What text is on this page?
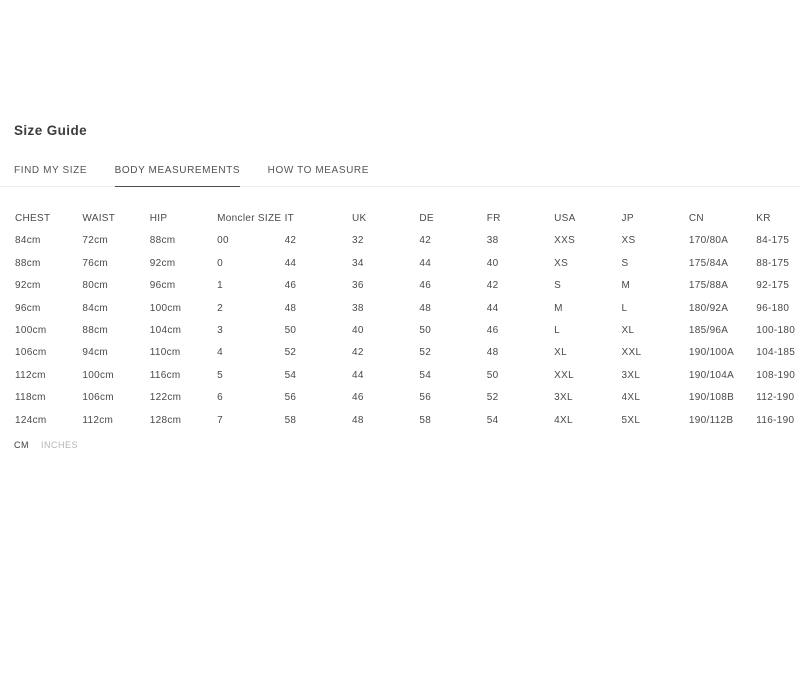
Size Guide
FIND MY SIZE	BODY MEASUREMENTS	HOW TO MEASURE
CHEST	WAIST	HIP	Moncler SIZE IT	UK	DE	FR	USA	JP	CN	KR
84cm	72cm	88cm	00	42	32	42	38	XXS	XS	170/80A	84-175
88cm	76cm	92cm	0	44	34	44	40	XS	S	175/84A	88-175
92cm	80cm	96cm	1	46	36	46	42	S	M	175/88A	92-175
96cm	84cm	100cm	2	48	38	48	44	M	L	180/92A	96-180
100cm	88cm	104cm	3	50	40	50	46	L	XL	185/96A	100-180
106cm	94cm	110cm	4	52	42	52	48	XL	XXL	190/100A	104-185
112cm	100cm	116cm	5	54	44	54	50	XXL	3XL	190/104A	108-190
118cm	106cm	122cm	6	56	46	56	52	3XL	4XL	190/108B	112-190
124cm	112cm	128cm	7	58	48	58	54	4XL	5XL	190/112B	116-190
CM INCHES
